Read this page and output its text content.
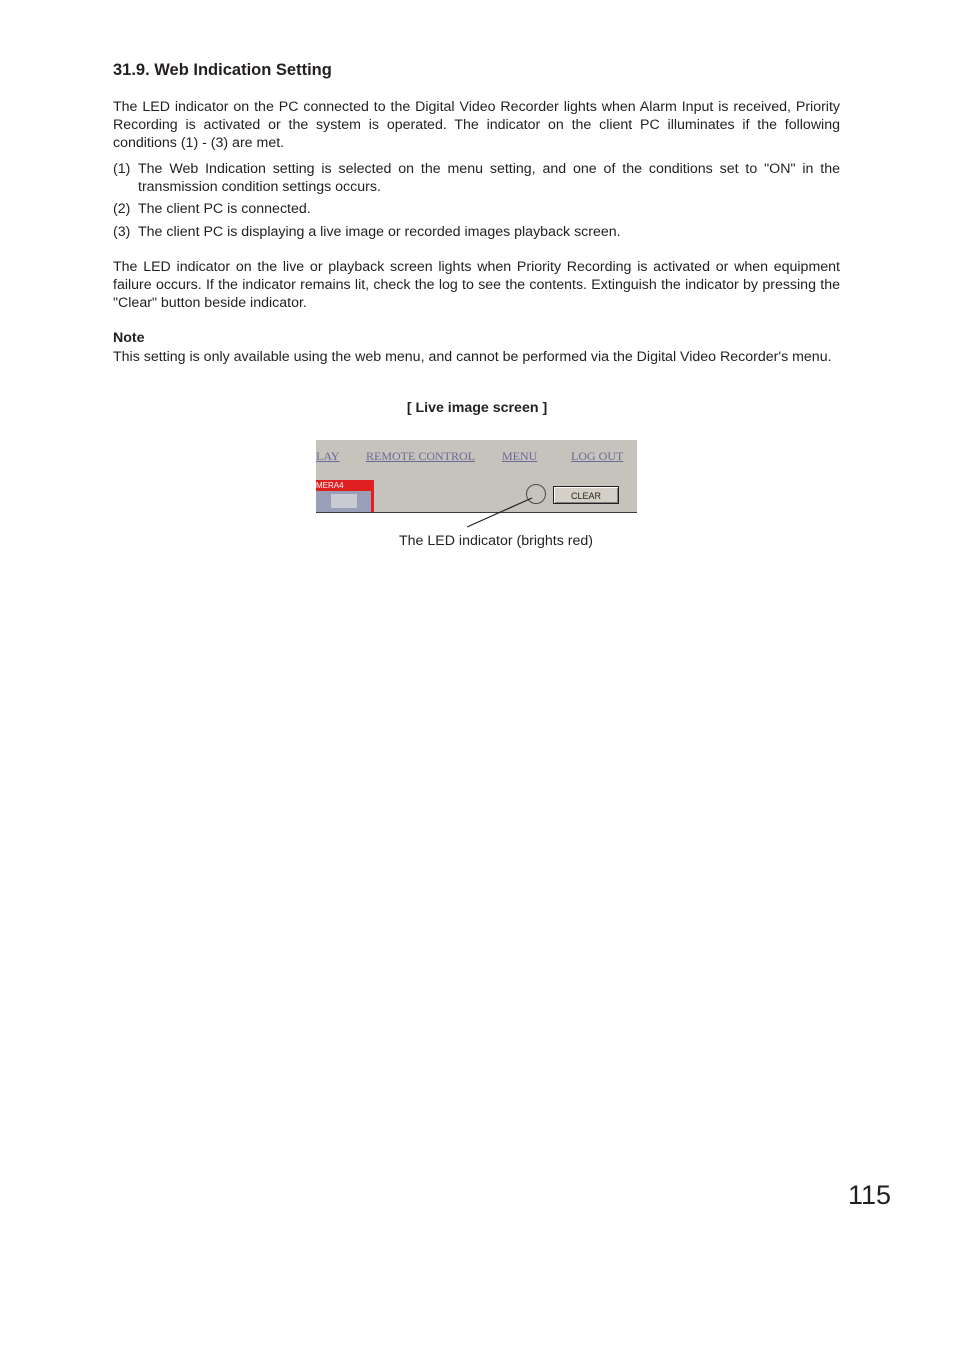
31.9. Web Indication Setting
The LED indicator on the PC connected to the Digital Video Recorder lights when Alarm Input is received, Priority Recording is activated or the system is operated. The indicator on the client PC illuminates if the following conditions (1) - (3) are met.
(1) The Web Indication setting is selected on the menu setting, and one of the conditions set to "ON" in the transmission condition settings occurs.
(2) The client PC is connected.
(3) The client PC is displaying a live image or recorded images playback screen.
The LED indicator on the live or playback screen lights when Priority Recording is activated or when equipment failure occurs. If the indicator remains lit, check the log to see the contents. Extinguish the indicator by pressing the "Clear" button beside indicator.
Note
This setting is only available using the web menu, and cannot be performed via the Digital Video Recorder's menu.
[ Live image screen ]
LAY REMOTE CONTROL MENU	LOG OUT
MERA4
CLEAR
The LED indicator (brights red)
115
